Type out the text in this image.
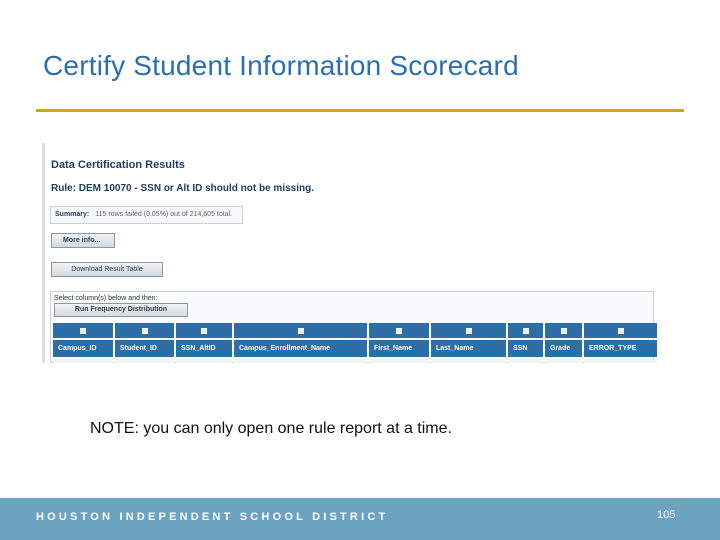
Certify Student Information Scorecard
Data Certification Results
Rule: DEM 10070 - SSN or Alt ID should not be missing.
Summary: 115 rows failed (0.05%) out of 214,605 total.
More info...
Download Result Table
Select column(s) below and then:
Run Frequency Distribution
Campus_ID	Student_ID	SSN_AltID	Campus_Enrollment_Name	First_Name	Last_Name	SSN	Grade	ERROR_TYPE
NOTE: you can only open one rule report at a time.
HOUSTON INDEPENDENT SCHOOL DISTRICT	105
